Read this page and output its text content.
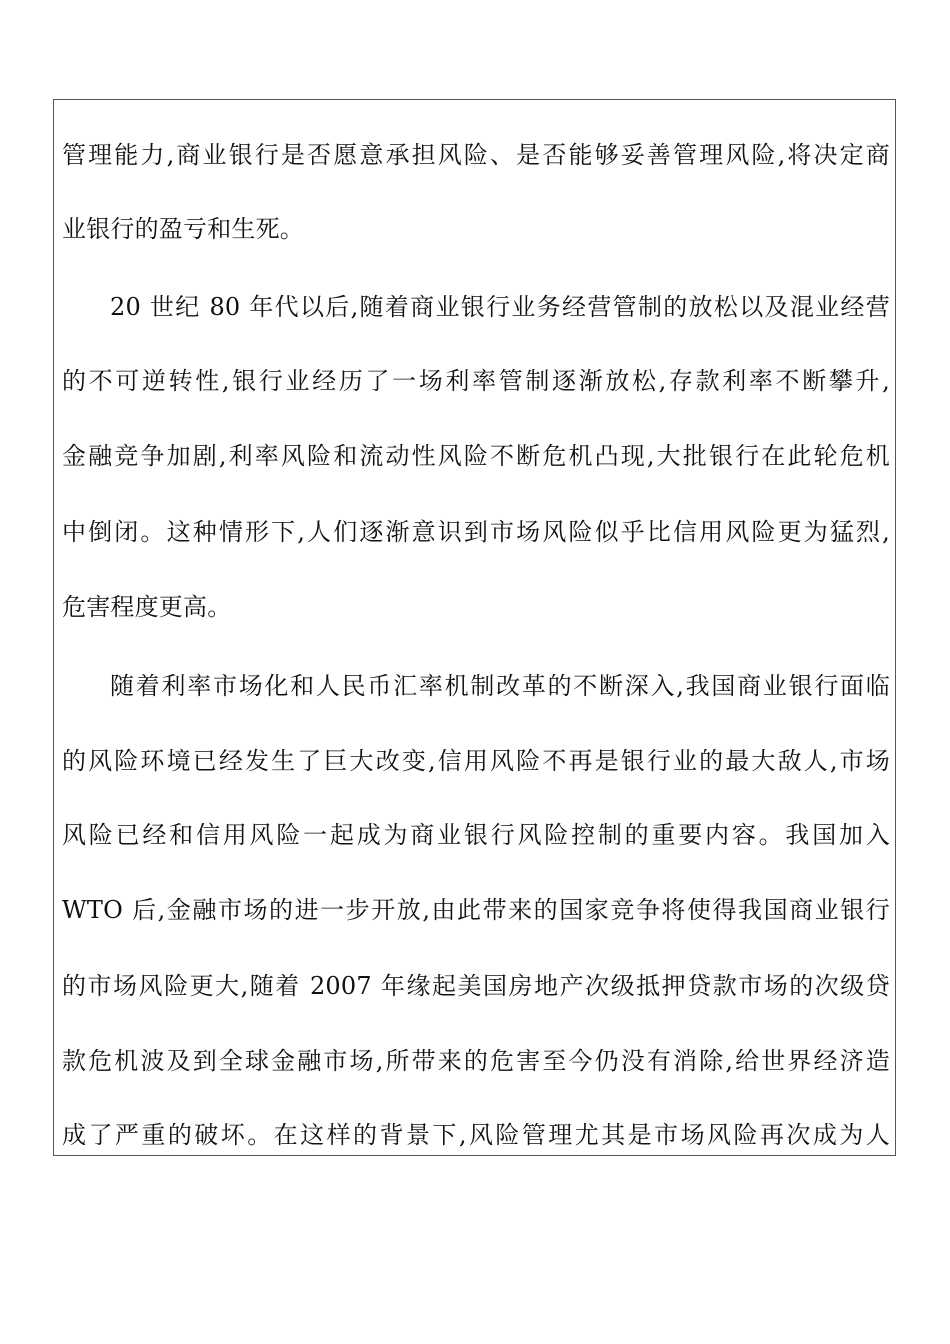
管理能力,商业银行是否愿意承担风险、是否能够妥善管理风险,将决定商
业银行的盈亏和生死。
20 世纪 80 年代以后,随着商业银行业务经营管制的放松以及混业经营
的不可逆转性,银行业经历了一场利率管制逐渐放松,存款利率不断攀升,
金融竞争加剧,利率风险和流动性风险不断危机凸现,大批银行在此轮危机
中倒闭。这种情形下,人们逐渐意识到市场风险似乎比信用风险更为猛烈,
危害程度更高。
随着利率市场化和人民币汇率机制改革的不断深入,我国商业银行面临
的风险环境已经发生了巨大改变,信用风险不再是银行业的最大敌人,市场
风险已经和信用风险一起成为商业银行风险控制的重要内容。我国加入
WTO 后,金融市场的进一步开放,由此带来的国家竞争将使得我国商业银行
的市场风险更大,随着 2007 年缘起美国房地产次级抵押贷款市场的次级贷
款危机波及到全球金融市场,所带来的危害至今仍没有消除,给世界经济造
成了严重的破坏。在这样的背景下,风险管理尤其是市场风险再次成为人
